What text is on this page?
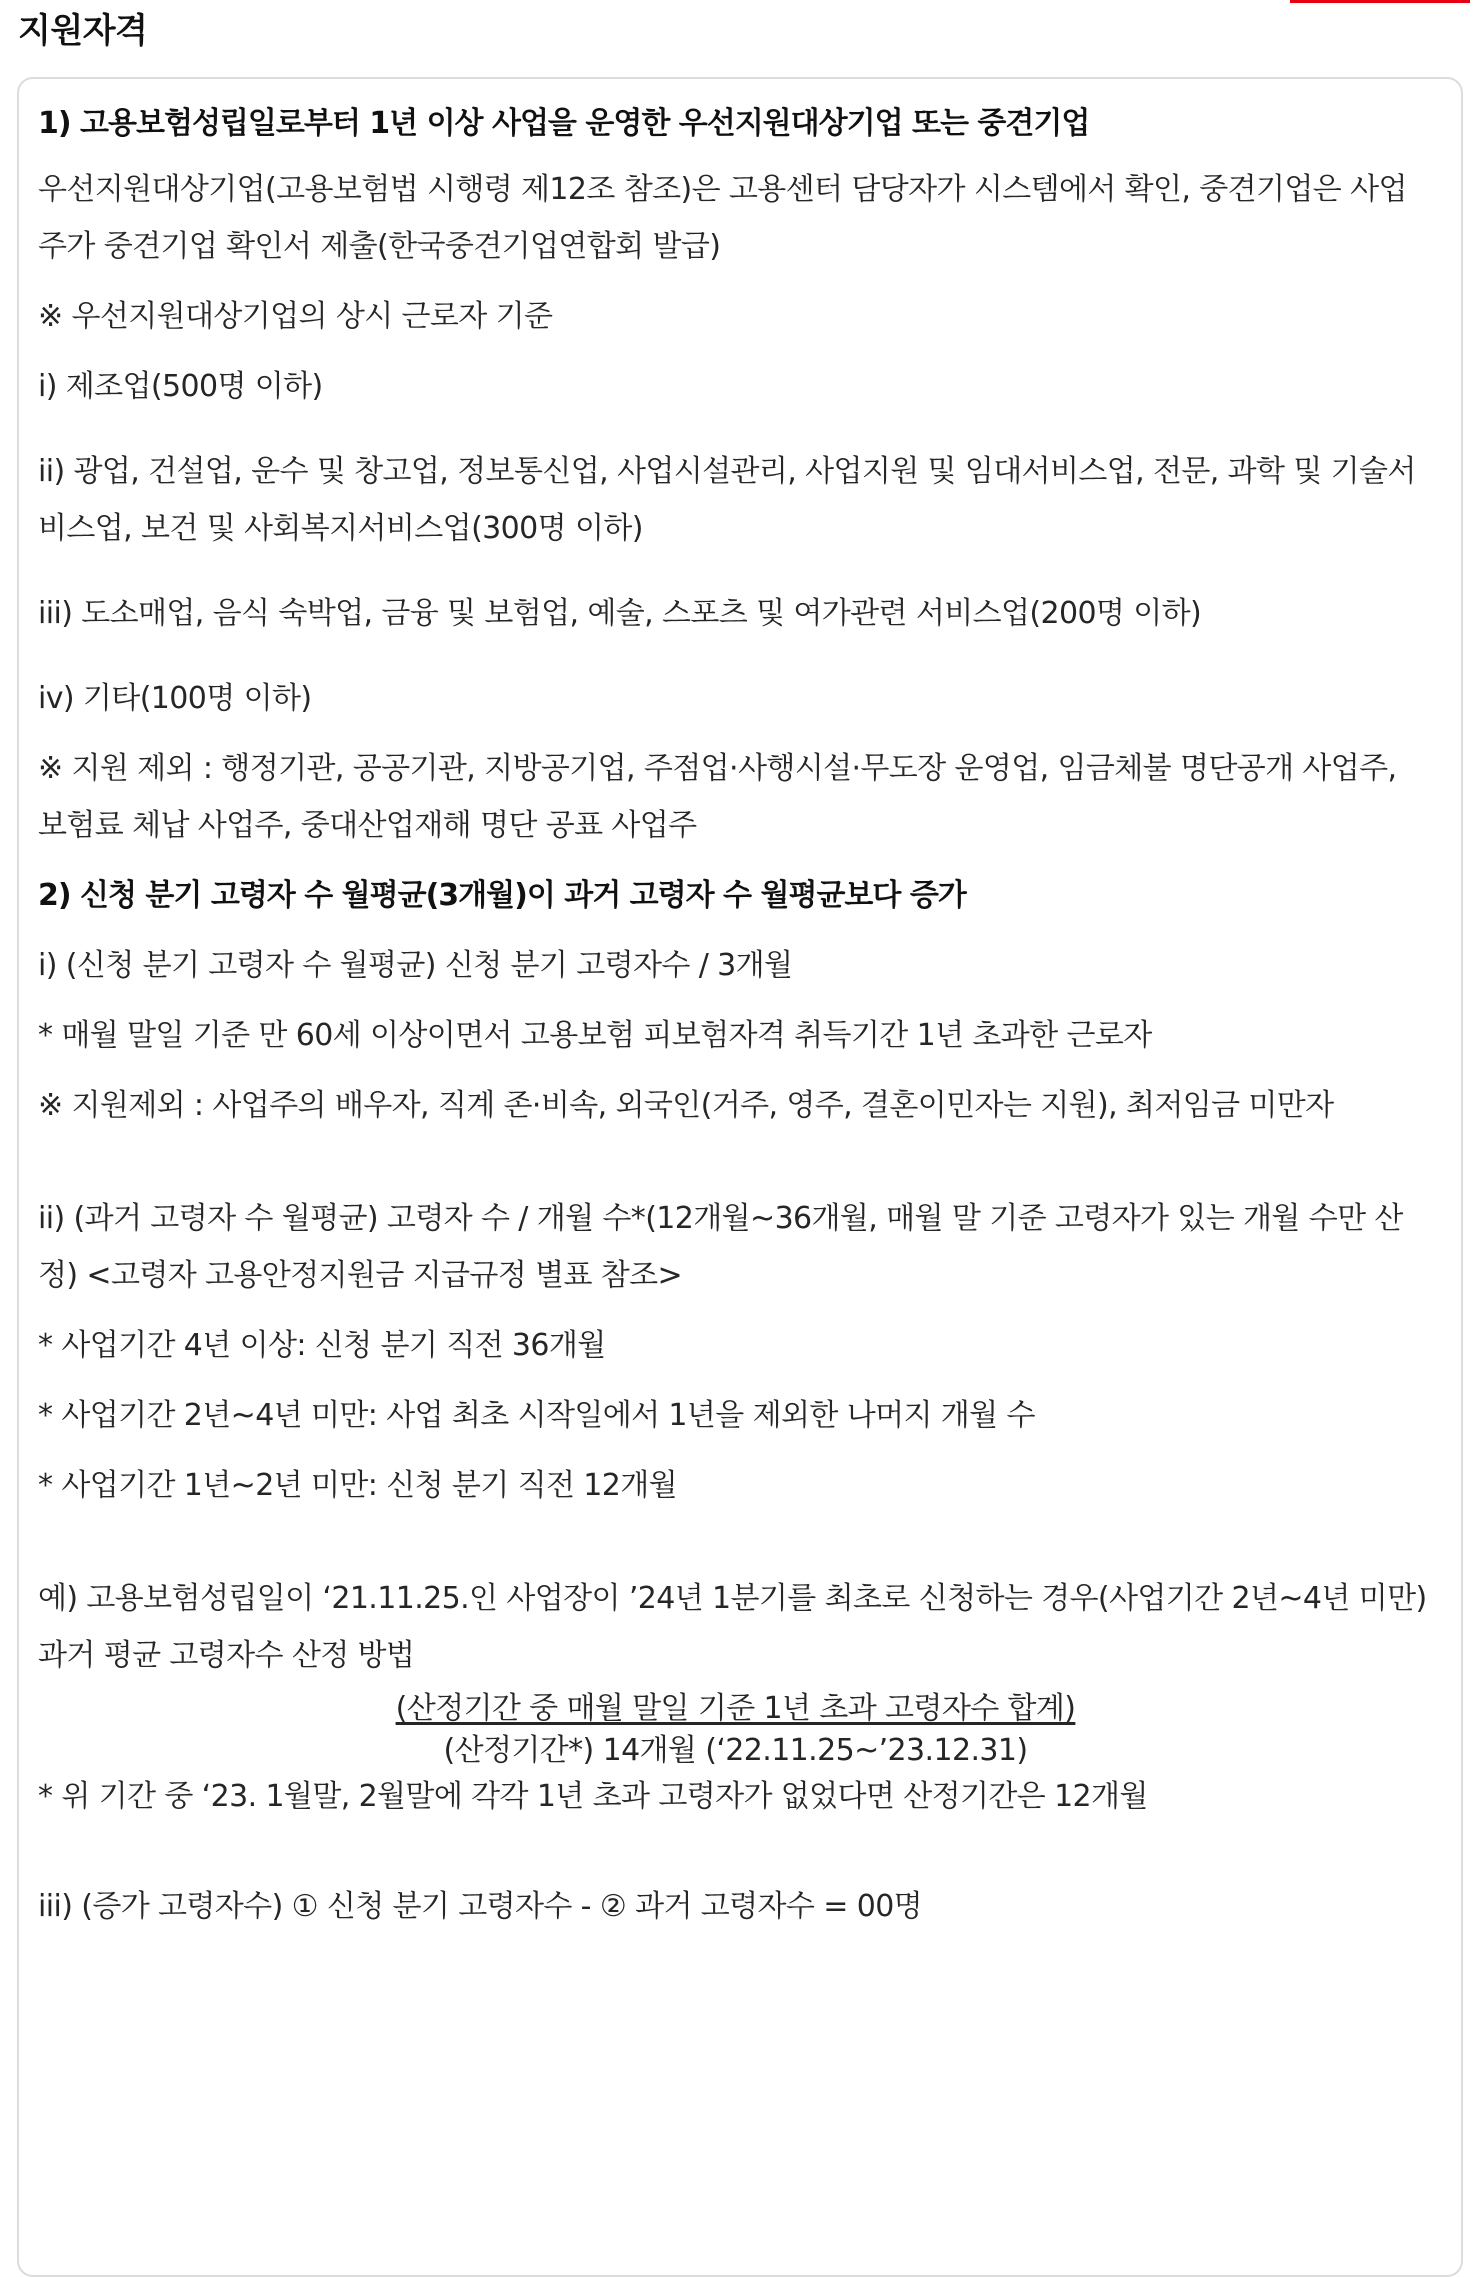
지원자격

1) 고용보험성립일로부터 1년 이상 사업을 운영한 우선지원대상기업 또는 중견기업

우선지원대상기업(고용보험법 시행령 제12조 참조)은 고용센터 담당자가 시스템에서 확인, 중견기업은 사업주가 중견기업 확인서 제출(한국중견기업연합회 발급)

※ 우선지원대상기업의 상시 근로자 기준

i) 제조업(500명 이하)

ii) 광업, 건설업, 운수 및 창고업, 정보통신업, 사업시설관리, 사업지원 및 임대서비스업, 전문, 과학 및 기술서비스업, 보건 및 사회복지서비스업(300명 이하)

iii) 도소매업, 음식 숙박업, 금융 및 보험업, 예술, 스포츠 및 여가관련 서비스업(200명 이하)

iv) 기타(100명 이하)

※ 지원 제외 : 행정기관, 공공기관, 지방공기업, 주점업·사행시설·무도장 운영업, 임금체불 명단공개 사업주, 보험료 체납 사업주, 중대산업재해 명단 공표 사업주

2) 신청 분기 고령자 수 월평균(3개월)이 과거 고령자 수 월평균보다 증가

i) (신청 분기 고령자 수 월평균) 신청 분기 고령자수 / 3개월

* 매월 말일 기준 만 60세 이상이면서 고용보험 피보험자격 취득기간 1년 초과한 근로자

※ 지원제외 : 사업주의 배우자, 직계 존·비속, 외국인(거주, 영주, 결혼이민자는 지원), 최저임금 미만자

ii) (과거 고령자 수 월평균) 고령자 수 / 개월 수*(12개월~36개월, 매월 말 기준 고령자가 있는 개월 수만 산정) <고령자 고용안정지원금 지급규정 별표 참조>

* 사업기간 4년 이상: 신청 분기 직전 36개월

* 사업기간 2년~4년 미만: 사업 최초 시작일에서 1년을 제외한 나머지 개월 수

* 사업기간 1년~2년 미만: 신청 분기 직전 12개월

예) 고용보험성립일이 ‘21.11.25.인 사업장이 ’24년 1분기를 최초로 신청하는 경우(사업기간 2년~4년 미만) 과거 평균 고령자수 산정 방법

(산정기간 중 매월 말일 기준 1년 초과 고령자수 합계)

(산정기간*) 14개월 (‘22.11.25~’23.12.31)

* 위 기간 중 ‘23. 1월말, 2월말에 각각 1년 초과 고령자가 없었다면 산정기간은 12개월

iii) (증가 고령자수) ① 신청 분기 고령자수 - ② 과거 고령자수 = 00명
